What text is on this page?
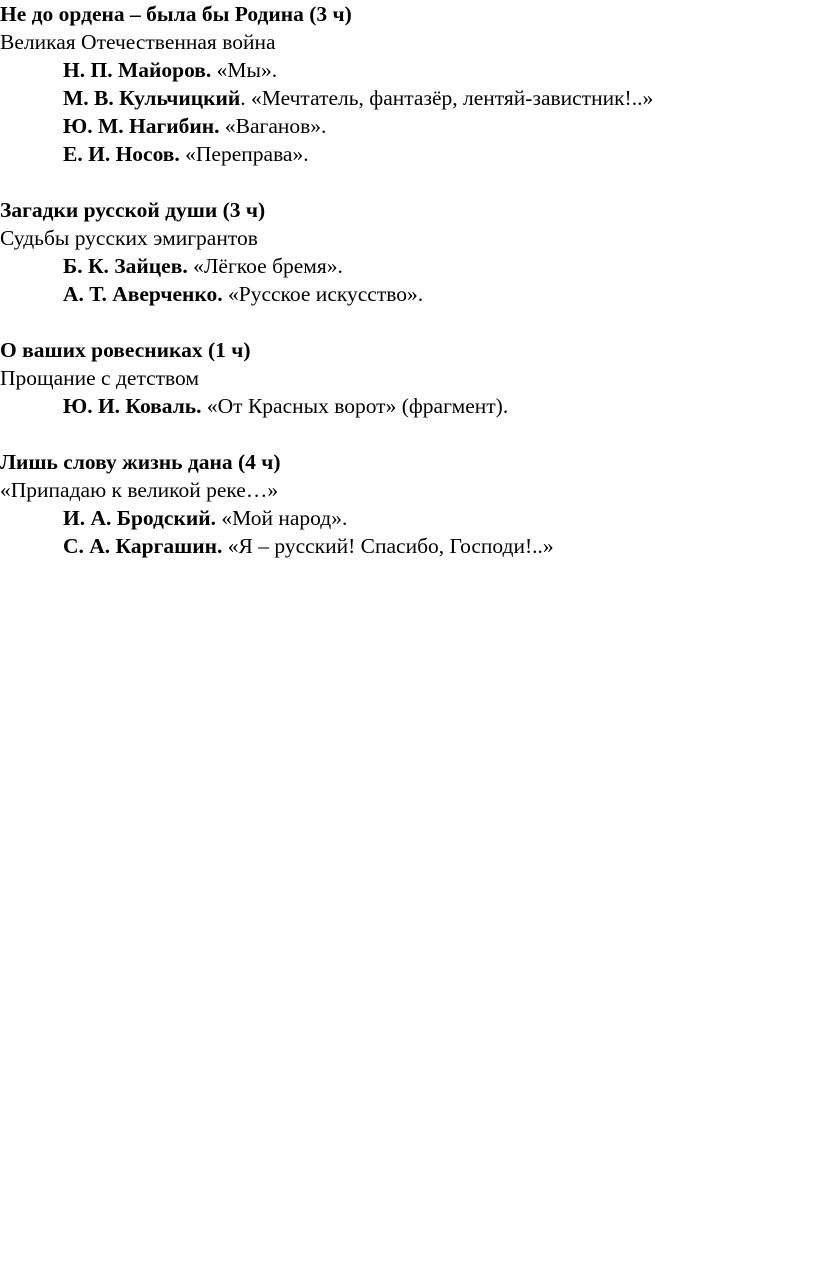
Не до ордена – была бы Родина (3 ч)

Великая Отечественная война

Н. П. Майоров. «Мы».

М. В. Кульчицкий. «Мечтатель, фантазёр, лентяй-завистник!..»

Ю. М. Нагибин. «Ваганов».

Е. И. Носов. «Переправа».

Загадки русской души (3 ч)

Судьбы русских эмигрантов

Б. К. Зайцев. «Лёгкое бремя».

А. Т. Аверченко. «Русское искусство».

О ваших ровесниках (1 ч)

Прощание с детством

Ю. И. Коваль. «От Красных ворот» (фрагмент).

Лишь слову жизнь дана (4 ч)

«Припадаю к великой реке…»

И. А. Бродский. «Мой народ».

С. А. Каргашин. «Я – русский! Спасибо, Господи!..»
